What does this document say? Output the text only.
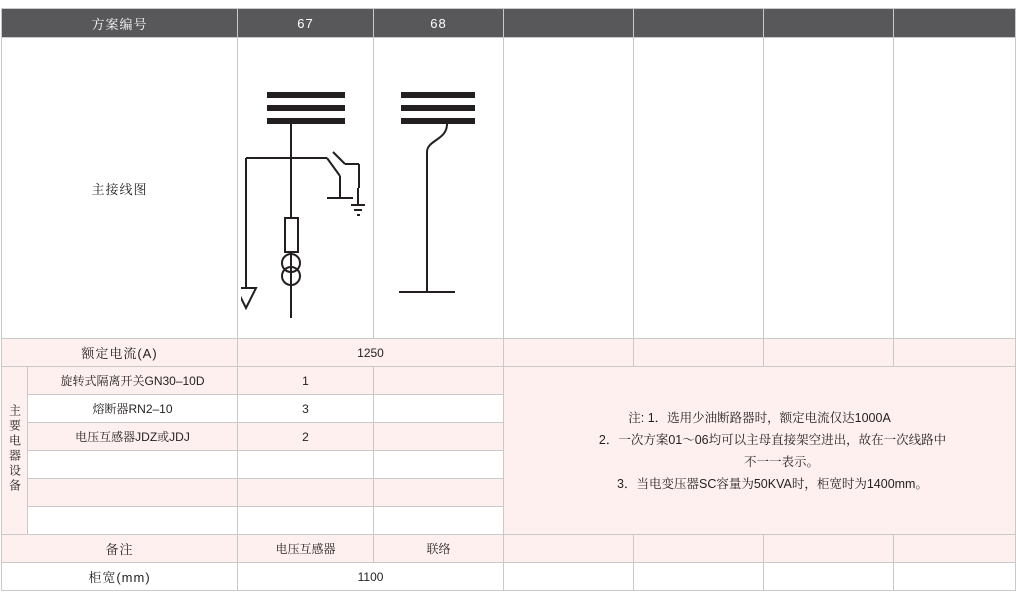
方案编号		67	68				
主接线图	

额定电流(A)		1250					
主要电器设备	旋转式隔离开关GN30–10D	1		注: 1．选用少油断路器时，额定电流仅达1000A
2．一次方案01～06均可以主母直接架空进出，故在一次线路中
不一一表示。
3．当电变压器SC容量为50KVA时，柜宽时为1400mm。			

	熔断器RN2–10	3					
	电压互感器JDZ或JDJ	2					

备注		电压互感器	联络				
柜宽(mm)		1100					
